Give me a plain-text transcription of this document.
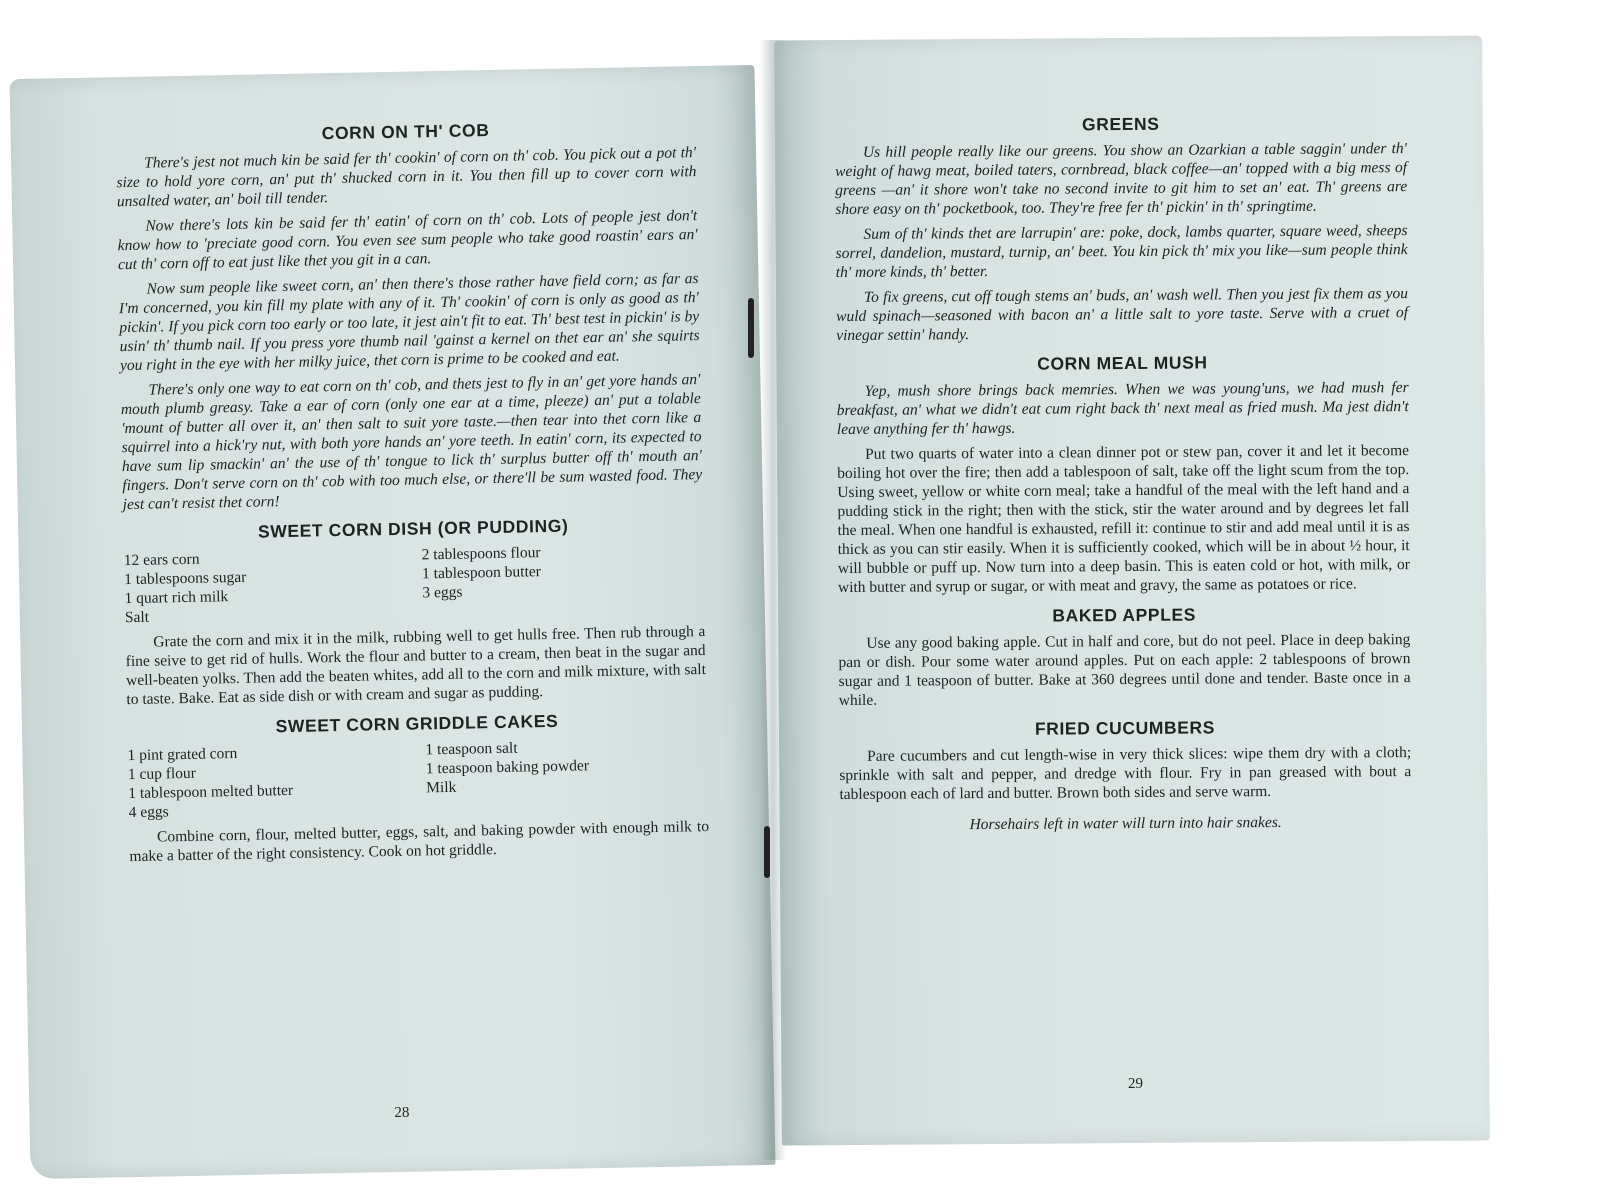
CORN ON TH' COB

There's jest not much kin be said fer th' cookin' of corn on th' cob. You pick out a pot th' size to hold yore corn, an' put th' shucked corn in it. You then fill up to cover corn with unsalted water, an' boil till tender.

Now there's lots kin be said fer th' eatin' of corn on th' cob. Lots of people jest don't know how to 'preciate good corn. You even see sum people who take good roastin' ears an' cut th' corn off to eat just like thet you git in a can.

Now sum people like sweet corn, an' then there's those rather have field corn; as far as I'm concerned, you kin fill my plate with any of it. Th' cookin' of corn is only as good as th' pickin'. If you pick corn too early or too late, it jest ain't fit to eat. Th' best test in pickin' is by usin' th' thumb nail. If you press yore thumb nail 'gainst a kernel on thet ear an' she squirts you right in the eye with her milky juice, thet corn is prime to be cooked and eat.

There's only one way to eat corn on th' cob, and thets jest to fly in an' get yore hands an' mouth plumb greasy. Take a ear of corn (only one ear at a time, pleeze) an' put a tolable 'mount of butter all over it, an' then salt to suit yore taste.—then tear into thet corn like a squirrel into a hick'ry nut, with both yore hands an' yore teeth. In eatin' corn, its expected to have sum lip smackin' an' the use of th' tongue to lick th' surplus butter off th' mouth an' fingers. Don't serve corn on th' cob with too much else, or there'll be sum wasted food. They jest can't resist thet corn!

SWEET CORN DISH (OR PUDDING)
12 ears corn
1 tablespoons sugar
1 quart rich milk
Salt
2 tablespoons flour
1 tablespoon butter
3 eggs

Grate the corn and mix it in the milk, rubbing well to get hulls free. Then rub through a fine seive to get rid of hulls. Work the flour and butter to a cream, then beat in the sugar and well-beaten yolks. Then add the beaten whites, add all to the corn and milk mixture, with salt to taste. Bake. Eat as side dish or with cream and sugar as pudding.

SWEET CORN GRIDDLE CAKES
1 pint grated corn
1 cup flour
1 tablespoon melted butter
4 eggs
1 teaspoon salt
1 teaspoon baking powder
Milk

Combine corn, flour, melted butter, eggs, salt, and baking powder with enough milk to make a batter of the right consistency. Cook on hot griddle.

28
GREENS

Us hill people really like our greens. You show an Ozarkian a table saggin' under th' weight of hawg meat, boiled taters, cornbread, black coffee—an' topped with a big mess of greens —an' it shore won't take no second invite to git him to set an' eat. Th' greens are shore easy on th' pocketbook, too. They're free fer th' pickin' in th' springtime.

Sum of th' kinds thet are larrupin' are: poke, dock, lambs quarter, square weed, sheeps sorrel, dandelion, mustard, turnip, an' beet. You kin pick th' mix you like—sum people think th' more kinds, th' better.

To fix greens, cut off tough stems an' buds, an' wash well. Then you jest fix them as you wuld spinach—seasoned with bacon an' a little salt to yore taste. Serve with a cruet of vinegar settin' handy.

CORN MEAL MUSH

Yep, mush shore brings back memries. When we was young'uns, we had mush fer breakfast, an' what we didn't eat cum right back th' next meal as fried mush. Ma jest didn't leave anything fer th' hawgs.

Put two quarts of water into a clean dinner pot or stew pan, cover it and let it become boiling hot over the fire; then add a tablespoon of salt, take off the light scum from the top. Using sweet, yellow or white corn meal; take a handful of the meal with the left hand and a pudding stick in the right; then with the stick, stir the water around and by degrees let fall the meal. When one handful is exhausted, refill it: continue to stir and add meal until it is as thick as you can stir easily. When it is sufficiently cooked, which will be in about ½ hour, it will bubble or puff up. Now turn into a deep basin. This is eaten cold or hot, with milk, or with butter and syrup or sugar, or with meat and gravy, the same as potatoes or rice.

BAKED APPLES

Use any good baking apple. Cut in half and core, but do not peel. Place in deep baking pan or dish. Pour some water around apples. Put on each apple: 2 tablespoons of brown sugar and 1 teaspoon of butter. Bake at 360 degrees until done and tender. Baste once in a while.

FRIED CUCUMBERS

Pare cucumbers and cut length-wise in very thick slices: wipe them dry with a cloth; sprinkle with salt and pepper, and dredge with flour. Fry in pan greased with bout a tablespoon each of lard and butter. Brown both sides and serve warm.

Horsehairs left in water will turn into hair snakes.

29
